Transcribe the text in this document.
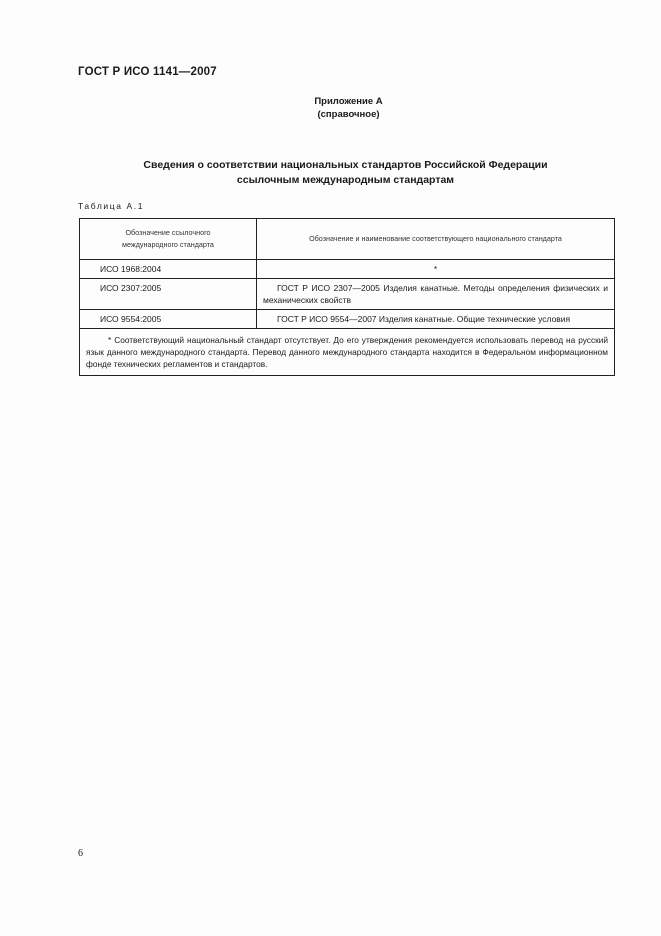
ГОСТ Р ИСО 1141—2007
Приложение А
(справочное)
Сведения о соответствии национальных стандартов Российской Федерации
ссылочным международным стандартам
Таблица А.1
Обозначение ссылочного
международного стандарта	Обозначение и наименование соответствующего национального стандарта
ИСО 1968:2004	*
ИСО 2307:2005	ГОСТ Р ИСО 2307—2005 Изделия канатные. Методы определения физических и механических свойств

ИСО 9554:2005	ГОСТ Р ИСО 9554—2007 Изделия канатные. Общие технические условия

* Соответствующий национальный стандарт отсутствует. До его утверждения рекомендуется использовать перевод на русский язык данного международного стандарта. Перевод данного международного стандарта находится в Федеральном информационном фонде технических регламентов и стандартов.	
6
